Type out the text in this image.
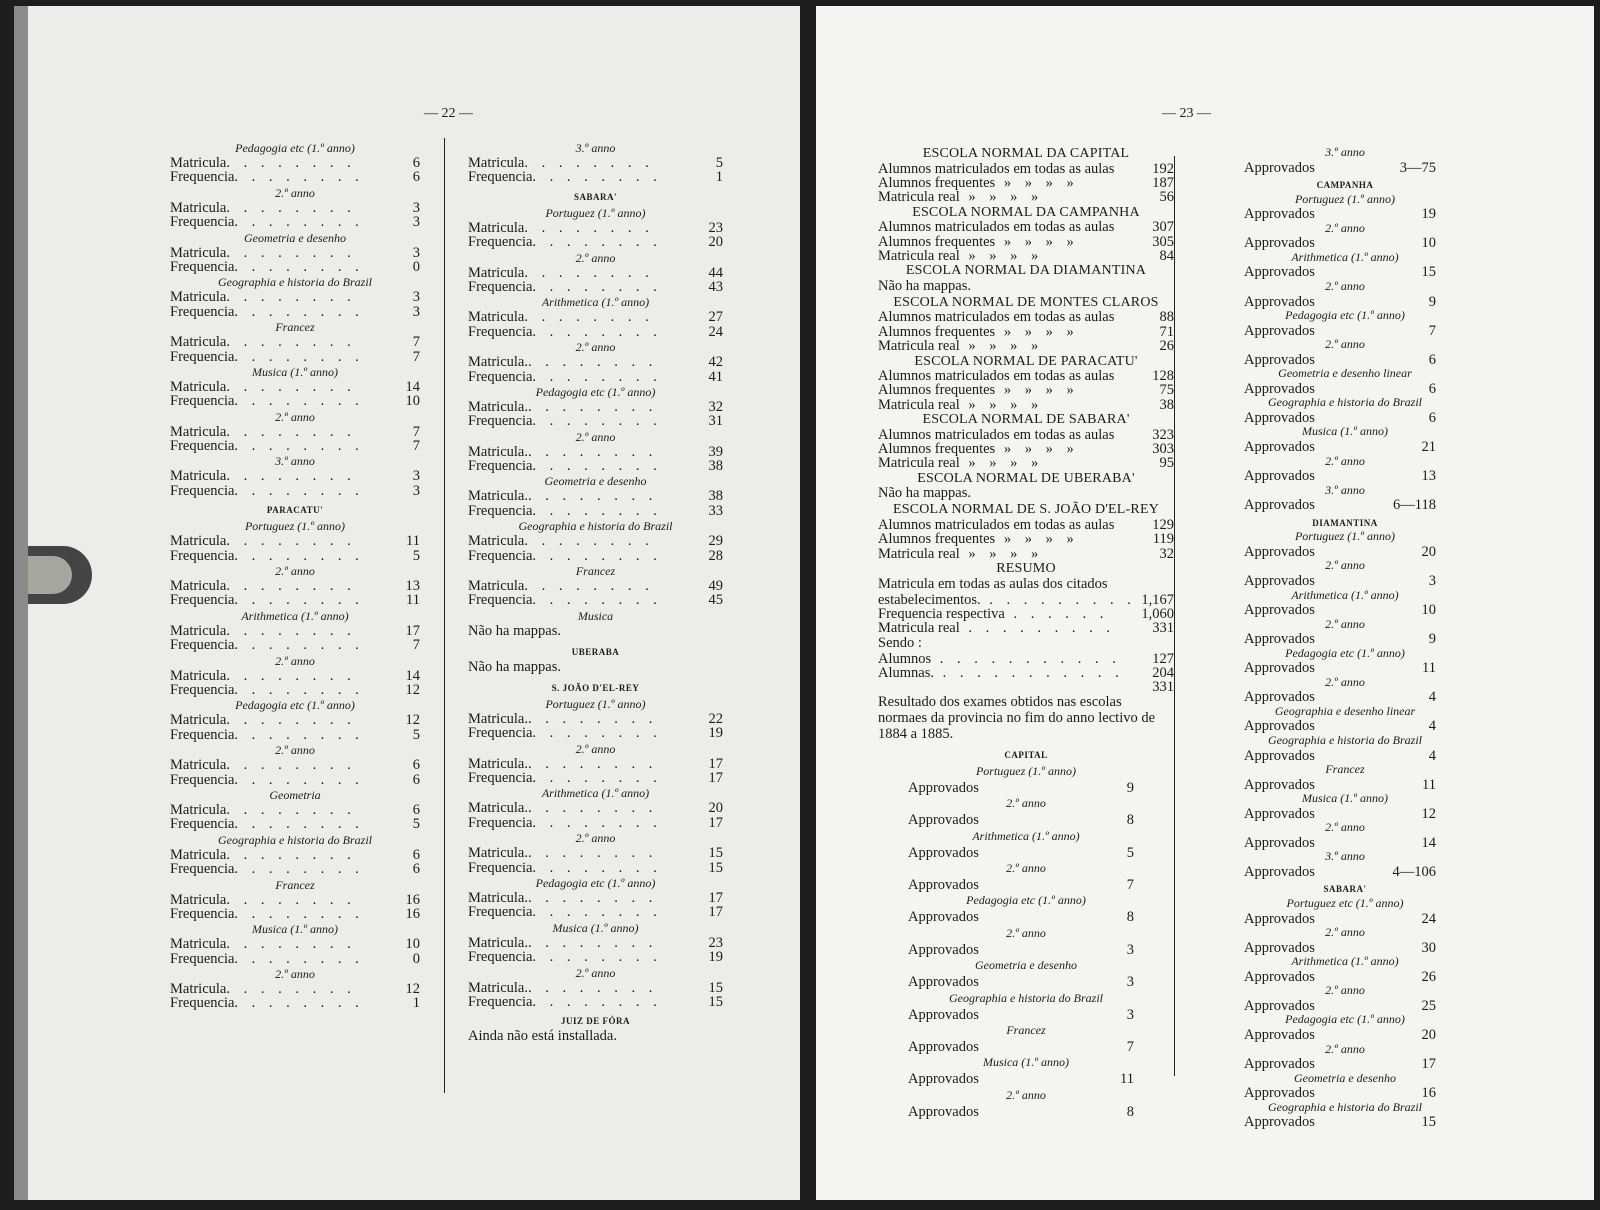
— 22 —
Pedagogia etc (1.º anno)
Matricula. . . . . . . .	6
Frequencia. . . . . . . .	6
2.º anno
Matricula. . . . . . . .	3
Frequencia. . . . . . . .	3
Geometria e desenho
Matricula. . . . . . . .	3
Frequencia. . . . . . . .	0
Geographia e historia do Brazil
Matricula. . . . . . . .	3
Frequencia. . . . . . . .	3
Francez
Matricula. . . . . . . .	7
Frequencia. . . . . . . .	7
Musica (1.º anno)
Matricula. . . . . . . .	14
Frequencia. . . . . . . .	10
2.º anno
Matricula. . . . . . . .	7
Frequencia. . . . . . . .	7
3.º anno
Matricula. . . . . . . .	3
Frequencia. . . . . . . .	3
PARACATU'
Portuguez (1.º anno)
Matricula. . . . . . . .	11
Frequencia. . . . . . . .	5
2.º anno
Matricula. . . . . . . .	13
Frequencia. . . . . . . .	11
Arithmetica (1.º anno)
Matricula. . . . . . . .	17
Frequencia. . . . . . . .	7
2.º anno
Matricula. . . . . . . .	14
Frequencia. . . . . . . .	12
Pedagogia etc (1.º anno)
Matricula. . . . . . . .	12
Frequencia. . . . . . . .	5
2.º anno
Matricula. . . . . . . .	6
Frequencia. . . . . . . .	6
Geometria
Matricula. . . . . . . .	6
Frequencia. . . . . . . .	5
Geographia e historia do Brazil
Matricula. . . . . . . .	6
Frequencia. . . . . . . .	6
Francez
Matricula. . . . . . . .	16
Frequencia. . . . . . . .	16
Musica (1.º anno)
Matricula. . . . . . . .	10
Frequencia. . . . . . . .	0
2.º anno
Matricula. . . . . . . .	12
Frequencia. . . . . . . .	1
3.º anno
Matricula. . . . . . . .	5
Frequencia. . . . . . . .	1
SABARA'
Portuguez (1.º anno)
Matricula. . . . . . . .	23
Frequencia. . . . . . . .	20
2.º anno
Matricula. . . . . . . .	44
Frequencia. . . . . . . .	43
Arithmetica (1.º anno)
Matricula. . . . . . . .	27
Frequencia. . . . . . . .	24
2.º anno
Matricula.. . . . . . . .	42
Frequencia. . . . . . . .	41
Pedagogia etc (1.º anno)
Matricula.. . . . . . . .	32
Frequencia. . . . . . . .	31
2.º anno
Matricula.. . . . . . . .	39
Frequencia. . . . . . . .	38
Geometria e desenho
Matricula.. . . . . . . .	38
Frequencia. . . . . . . .	33
Geographia e historia do Brazil
Matricula. . . . . . . .	29
Frequencia. . . . . . . .	28
Francez
Matricula. . . . . . . .	49
Frequencia. . . . . . . .	45
Musica
Não ha mappas.
UBERABA
Não ha mappas.
S. JOÃO D'EL-REY
Portuguez (1.º anno)
Matricula.. . . . . . . .	22
Frequencia. . . . . . . .	19
2.º anno
Matricula.. . . . . . . .	17
Frequencia. . . . . . . .	17
Arithmetica (1.º anno)
Matricula.. . . . . . . .	20
Frequencia. . . . . . . .	17
2.º anno
Matricula.. . . . . . . .	15
Frequencia. . . . . . . .	15
Pedagogia etc (1.º anno)
Matricula.. . . . . . . .	17
Frequencia. . . . . . . .	17
Musica (1.º anno)
Matricula.. . . . . . . .	23
Frequencia. . . . . . . .	19
2.º anno
Matricula.. . . . . . . .	15
Frequencia. . . . . . . .	15
JUIZ DE FÓRA
Ainda não está installada.
— 23 —
ESCOLA NORMAL DA CAPITAL
Alumnos matriculados em todas as aulas	192
Alumnos frequentes » » » »	187
Matricula real » » » »	56
ESCOLA NORMAL DA CAMPANHA
Alumnos matriculados em todas as aulas	307
Alumnos frequentes » » » »	305
Matricula real » » » »	84
ESCOLA NORMAL DA DIAMANTINA
Não ha mappas.
ESCOLA NORMAL DE MONTES CLAROS
Alumnos matriculados em todas as aulas	88
Alumnos frequentes » » » »	71
Matricula real » » » »	26
ESCOLA NORMAL DE PARACATU'
Alumnos matriculados em todas as aulas	128
Alumnos frequentes » » » »	75
Matricula real » » » »	38
ESCOLA NORMAL DE SABARA'
Alumnos matriculados em todas as aulas	323
Alumnos frequentes » » » »	303
Matricula real » » » »	95
ESCOLA NORMAL DE UBERABA'
Não ha mappas.
ESCOLA NORMAL DE S. JOÃO D'EL-REY
Alumnos matriculados em todas as aulas	129
Alumnos frequentes » » » »	119
Matricula real » » » »	32
RESUMO
Matricula em todas as aulas dos citados
estabelecimentos. . . . . . . . . . 1,167
Frequencia respectiva . . . . . . 1,060
Matricula real . . . . . . . . .	331
Sendo :
Alumnos . . . . . . . . . . . 127
Alumnas. . . . . . . . . . . . 204
331
Resultado dos exames obtidos nas escolas
normaes da provincia no fim do anno lectivo de
1884 a 1885.
CAPITAL
Portuguez (1.º anno)
Approvados	9
2.º anno
Approvados	8
Arithmetica (1.º anno)
Approvados	5
2.º anno
Approvados	7
Pedagogia etc (1.º anno)
Approvados	8
2.º anno
Approvados	3
Geometria e desenho
Approvados	3
Geographia e historia do Brazil
Approvados	3
Francez
Approvados	7
Musica (1.º anno)
Approvados	11
2.º anno
Approvados	8
3.º anno
Approvados	3—75
CAMPANHA
Portuguez (1.º anno)
Approvados	19
2.º anno
Approvados	10
Arithmetica (1.º anno)
Approvados	15
2.º anno
Approvados	9
Pedagogia etc (1.º anno)
Approvados	7
2.º anno
Approvados	6
Geometria e desenho linear
Approvados	6
Geographia e historia do Brazil
Approvados	6
Musica (1.º anno)
Approvados	21
2.º anno
Approvados	13
3.º anno
Approvados	6—118
DIAMANTINA
Portuguez (1.º anno)
Approvados	20
2.º anno
Approvados	3
Arithmetica (1.º anno)
Approvados	10
2.º anno
Approvados	9
Pedagogia etc (1.º anno)
Approvados	11
2.º anno
Approvados	4
Geographia e desenho linear
Approvados	4
Geographia e historia do Brazil
Approvados	4
Francez
Approvados	11
Musica (1.º anno)
Approvados	12
2.º anno
Approvados	14
3.º anno
Approvados	4—106
SABARA'
Portuguez etc (1.º anno)
Approvados	24
2.º anno
Approvados	30
Arithmetica (1.º anno)
Approvados	26
2.º anno
Approvados	25
Pedagogia etc (1.º anno)
Approvados	20
2.º anno
Approvados	17
Geometria e desenho
Approvados	16
Geographia e historia do Brazil
Approvados	15
